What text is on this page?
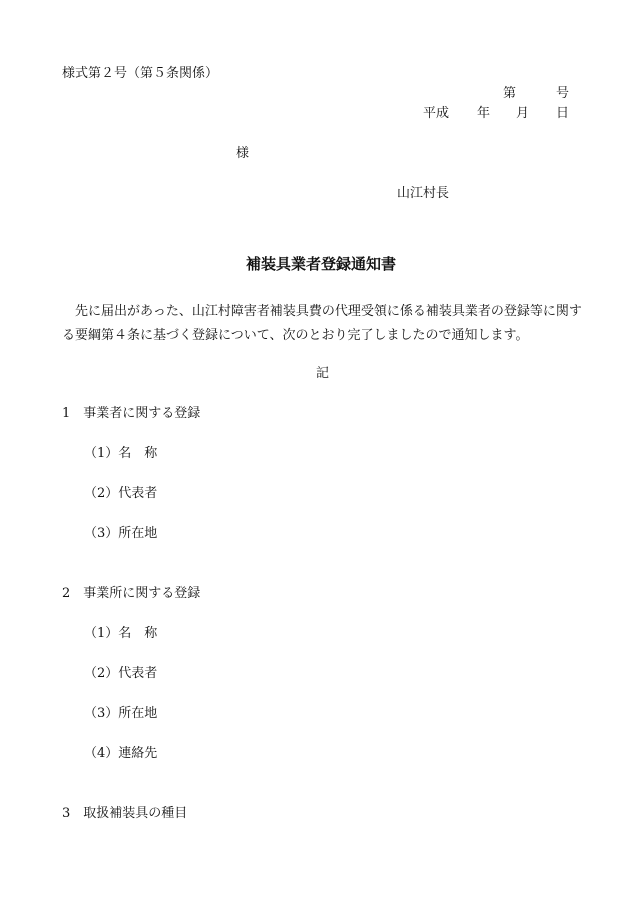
様式第２号（第５条関係）
第	号
平成 年 月 日
様
山江村長
補装具業者登録通知書
先に届出があった、山江村障害者補装具費の代理受領に係る補装具業者の登録等に関する要綱第４条に基づく登録について、次のとおり完了しましたので通知します。
記
1　事業者に関する登録
（1）名　称
（2）代表者
（3）所在地
2　事業所に関する登録
（1）名　称
（2）代表者
（3）所在地
（4）連絡先
3　取扱補装具の種目
